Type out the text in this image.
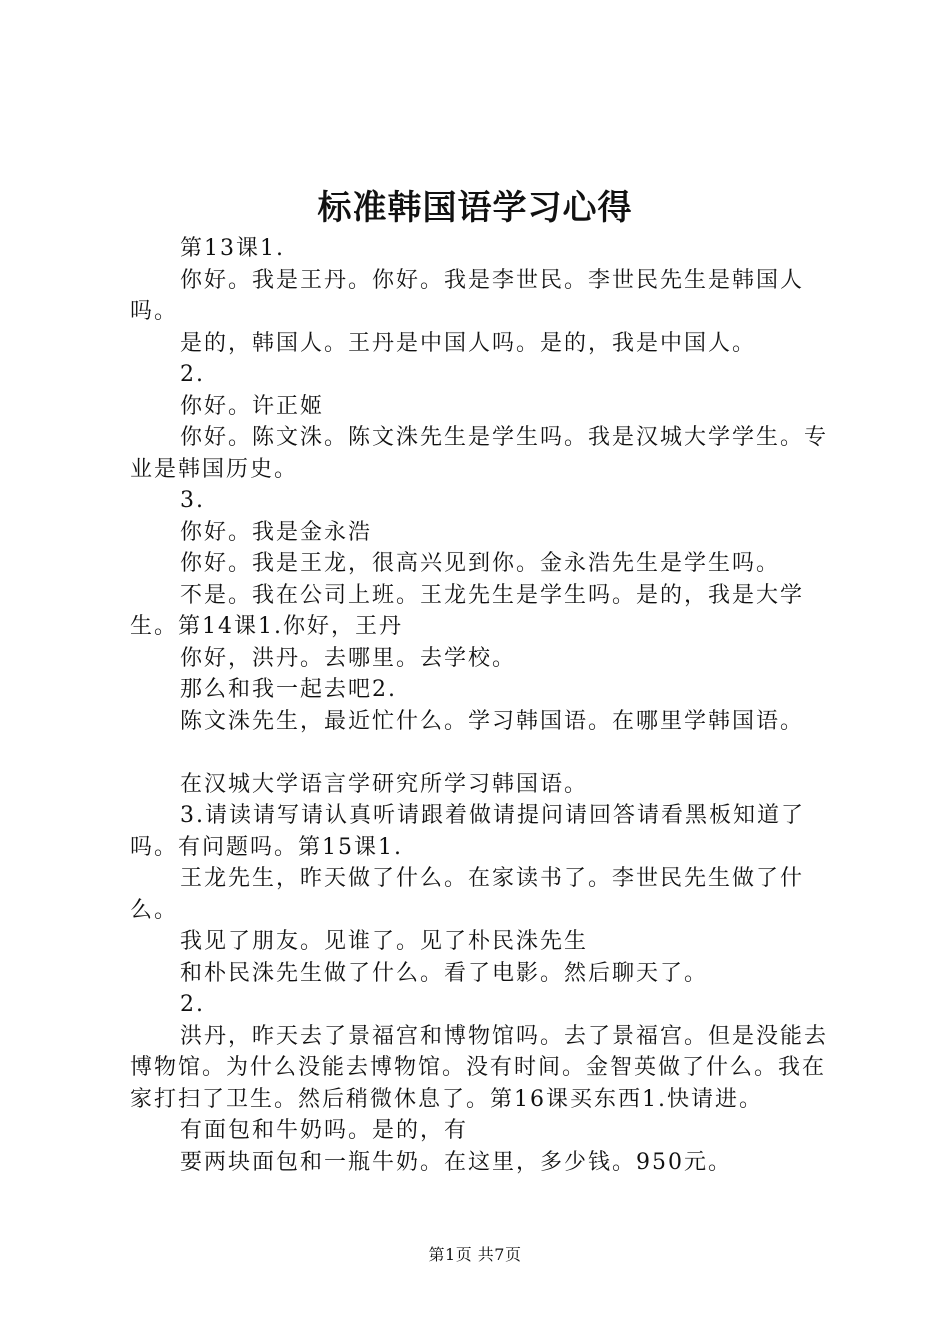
标准韩国语学习心得

第13课1.

你好。我是王丹。你好。我是李世民。李世民先生是韩国人吗。

是的，韩国人。王丹是中国人吗。是的，我是中国人。

2.

你好。许正姬

你好。陈文洙。陈文洙先生是学生吗。我是汉城大学学生。专业是韩国历史。

3.

你好。我是金永浩

你好。我是王龙，很高兴见到你。金永浩先生是学生吗。

不是。我在公司上班。王龙先生是学生吗。是的，我是大学生。第14课1.你好，王丹

你好，洪丹。去哪里。去学校。

那么和我一起去吧2.

陈文洙先生，最近忙什么。学习韩国语。在哪里学韩国语。

在汉城大学语言学研究所学习韩国语。

3.请读请写请认真听请跟着做请提问请回答请看黑板知道了吗。有问题吗。第15课1.

王龙先生，昨天做了什么。在家读书了。李世民先生做了什么。

我见了朋友。见谁了。见了朴民洙先生

和朴民洙先生做了什么。看了电影。然后聊天了。

2.

洪丹，昨天去了景福宫和博物馆吗。去了景福宫。但是没能去博物馆。为什么没能去博物馆。没有时间。金智英做了什么。我在家打扫了卫生。然后稍微休息了。第16课买东西1.快请进。

有面包和牛奶吗。是的，有

要两块面包和一瓶牛奶。在这里，多少钱。950元。

第1页 共7页
